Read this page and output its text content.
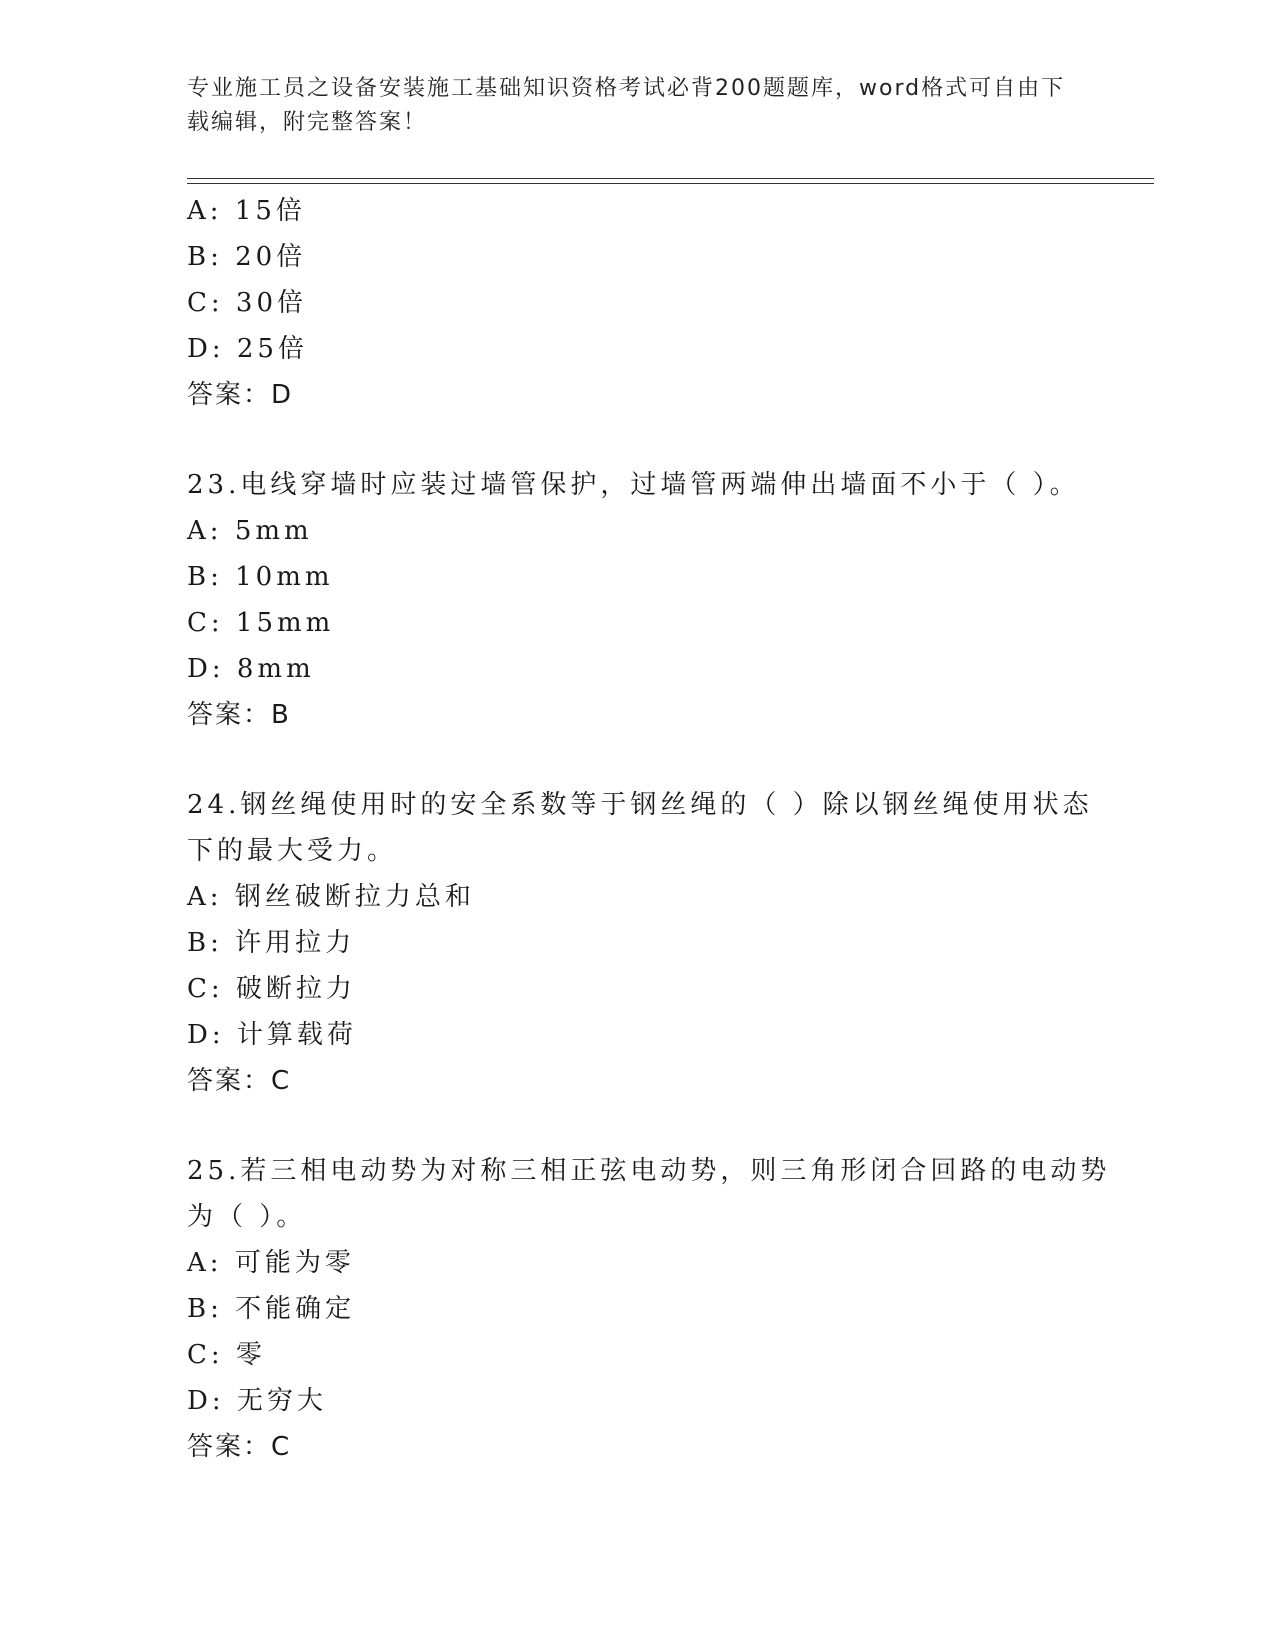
专业施工员之设备安装施工基础知识资格考试必背200题题库，word格式可自由下载编辑，附完整答案！
A: 15倍
B: 20倍
C: 30倍
D: 25倍
答案：D
23.电线穿墙时应装过墙管保护，过墙管两端伸出墙面不小于（ ）。
A: 5mm
B: 10mm
C: 15mm
D: 8mm
答案：B
24.钢丝绳使用时的安全系数等于钢丝绳的（ ）除以钢丝绳使用状态
下的最大受力。
A: 钢丝破断拉力总和
B: 许用拉力
C: 破断拉力
D: 计算载荷
答案：C
25.若三相电动势为对称三相正弦电动势，则三角形闭合回路的电动势
为（ ）。
A: 可能为零
B: 不能确定
C: 零
D: 无穷大
答案：C
